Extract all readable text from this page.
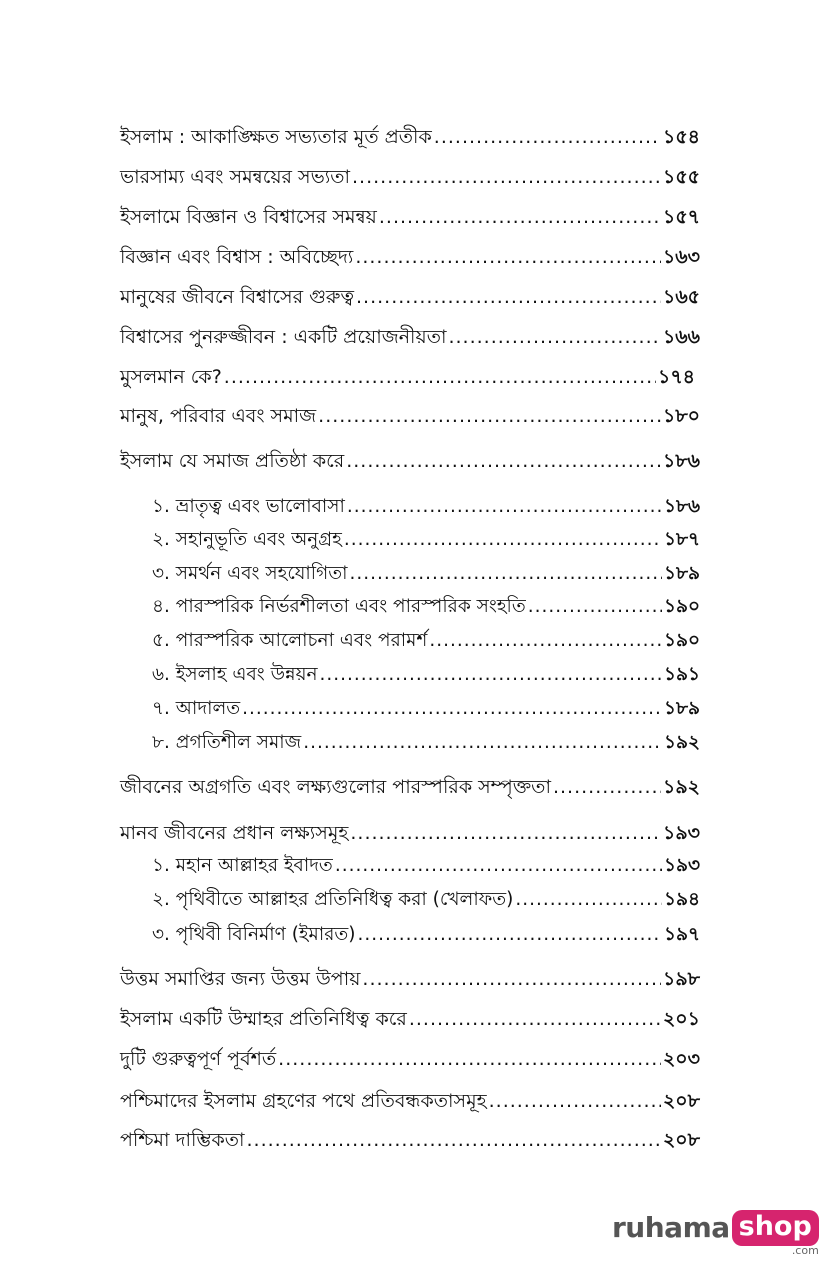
ইসলাম : আকাঙ্ক্ষিত সভ্যতার মূর্ত প্রতীক .....	১৫৪
ভারসাম্য এবং সমন্বয়ের সভ্যতা .....	১৫৫
ইসলামে বিজ্ঞান ও বিশ্বাসের সমন্বয় .....	১৫৭
বিজ্ঞান এবং বিশ্বাস : অবিচ্ছেদ্য .....	১৬৩
মানুষের জীবনে বিশ্বাসের গুরুত্ব .....	১৬৫
বিশ্বাসের পুনরুজ্জীবন : একটি প্রয়োজনীয়তা .....	১৬৬
মুসলমান কে? .....	১৭৪
মানুষ, পরিবার এবং সমাজ .....	১৮০
ইসলাম যে সমাজ প্রতিষ্ঠা করে .....	১৮৬
১. ভ্রাতৃত্ব এবং ভালোবাসা .....	১৮৬
২. সহানুভূতি এবং অনুগ্রহ .....	১৮৭
৩. সমর্থন এবং সহযোগিতা .....	১৮৯
৪. পারস্পরিক নির্ভরশীলতা এবং পারস্পরিক সংহতি .....	১৯০
৫. পারস্পরিক আলোচনা এবং পরামর্শ .....	১৯০
৬. ইসলাহ এবং উন্নয়ন .....	১৯১
৭. আদালত .....	১৮৯
৮. প্রগতিশীল সমাজ .....	১৯২
জীবনের অগ্রগতি এবং লক্ষ্যগুলোর পারস্পরিক সম্পৃক্ততা .....	১৯২
মানব জীবনের প্রধান লক্ষ্যসমূহ .....	১৯৩
১. মহান আল্লাহর ইবাদত .....	১৯৩
২. পৃথিবীতে আল্লাহর প্রতিনিধিত্ব করা (খেলাফত) .....	১৯৪
৩. পৃথিবী বিনির্মাণ (ইমারত) .....	১৯৭
উত্তম সমাপ্তির জন্য উত্তম উপায় .....	১৯৮
ইসলাম একটি উম্মাহর প্রতিনিধিত্ব করে .....	২০১
দুটি গুরুত্বপূর্ণ পূর্বশর্ত .....	২০৩
পশ্চিমাদের ইসলাম গ্রহণের পথে প্রতিবন্ধকতাসমূহ .....	২০৮
পশ্চিমা দাম্ভিকতা .....	২০৮
ruhama shop
.com
